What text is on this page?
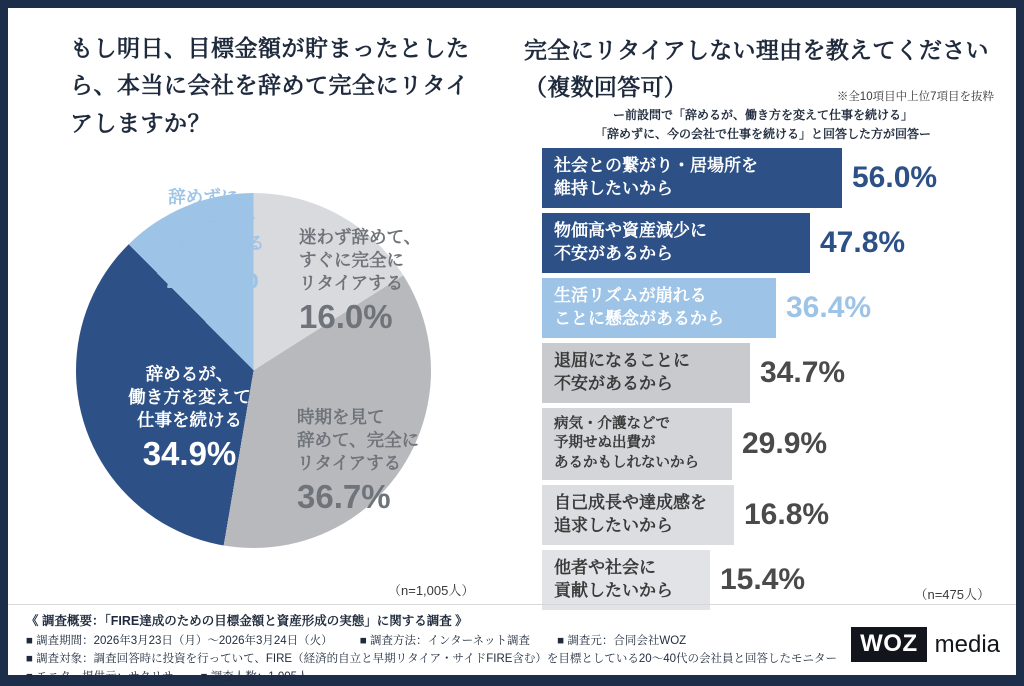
もし明日、目標金額が貯まったとしたら、本当に会社を辞めて完全にリタイアしますか？
辞めずに、
今の会社で
仕事を続ける
12.4%
迷わず辞めて、
すぐに完全に
リタイアする
16.0%
時期を見て
辞めて、完全に
リタイアする
36.7%
辞めるが、
働き方を変えて
仕事を続ける
34.9%
（n=1,005人）
完全にリタイアしない理由を教えてください（複数回答可）	※全10項目中上位7項目を抜粋
ー前設問で「辞めるが、働き方を変えて仕事を続ける」
「辞めずに、今の会社で仕事を続ける」と回答した方が回答ー
社会との繋がり・居場所を
維持したいから	56.0%
物価高や資産減少に
不安があるから	47.8%
生活リズムが崩れる
ことに懸念があるから	36.4%
退屈になることに
不安があるから	34.7%
病気・介護などで
予期せぬ出費が
あるかもしれないから
29.9%
自己成長や達成感を
追求したいから	16.8%
他者や社会に
貢献したいから	15.4%	（n=475人）
《 調査概要：「FIRE達成のための目標金額と資産形成の実態」に関する調査 》
■ 調査期間：2026年3月23日（月）〜2026年3月24日（火） ■ 調査方法：インターネット調査 ■ 調査元：合同会社WOZ
■ 調査対象：調査回答時に投資を行っていて、FIRE（経済的自立と早期リタイア・サイドFIRE含む）を目標としている20〜40代の会社員と回答したモニター
■ モニター提供元：サクリサ ■ 調査人数：1,005人
WOZ media
